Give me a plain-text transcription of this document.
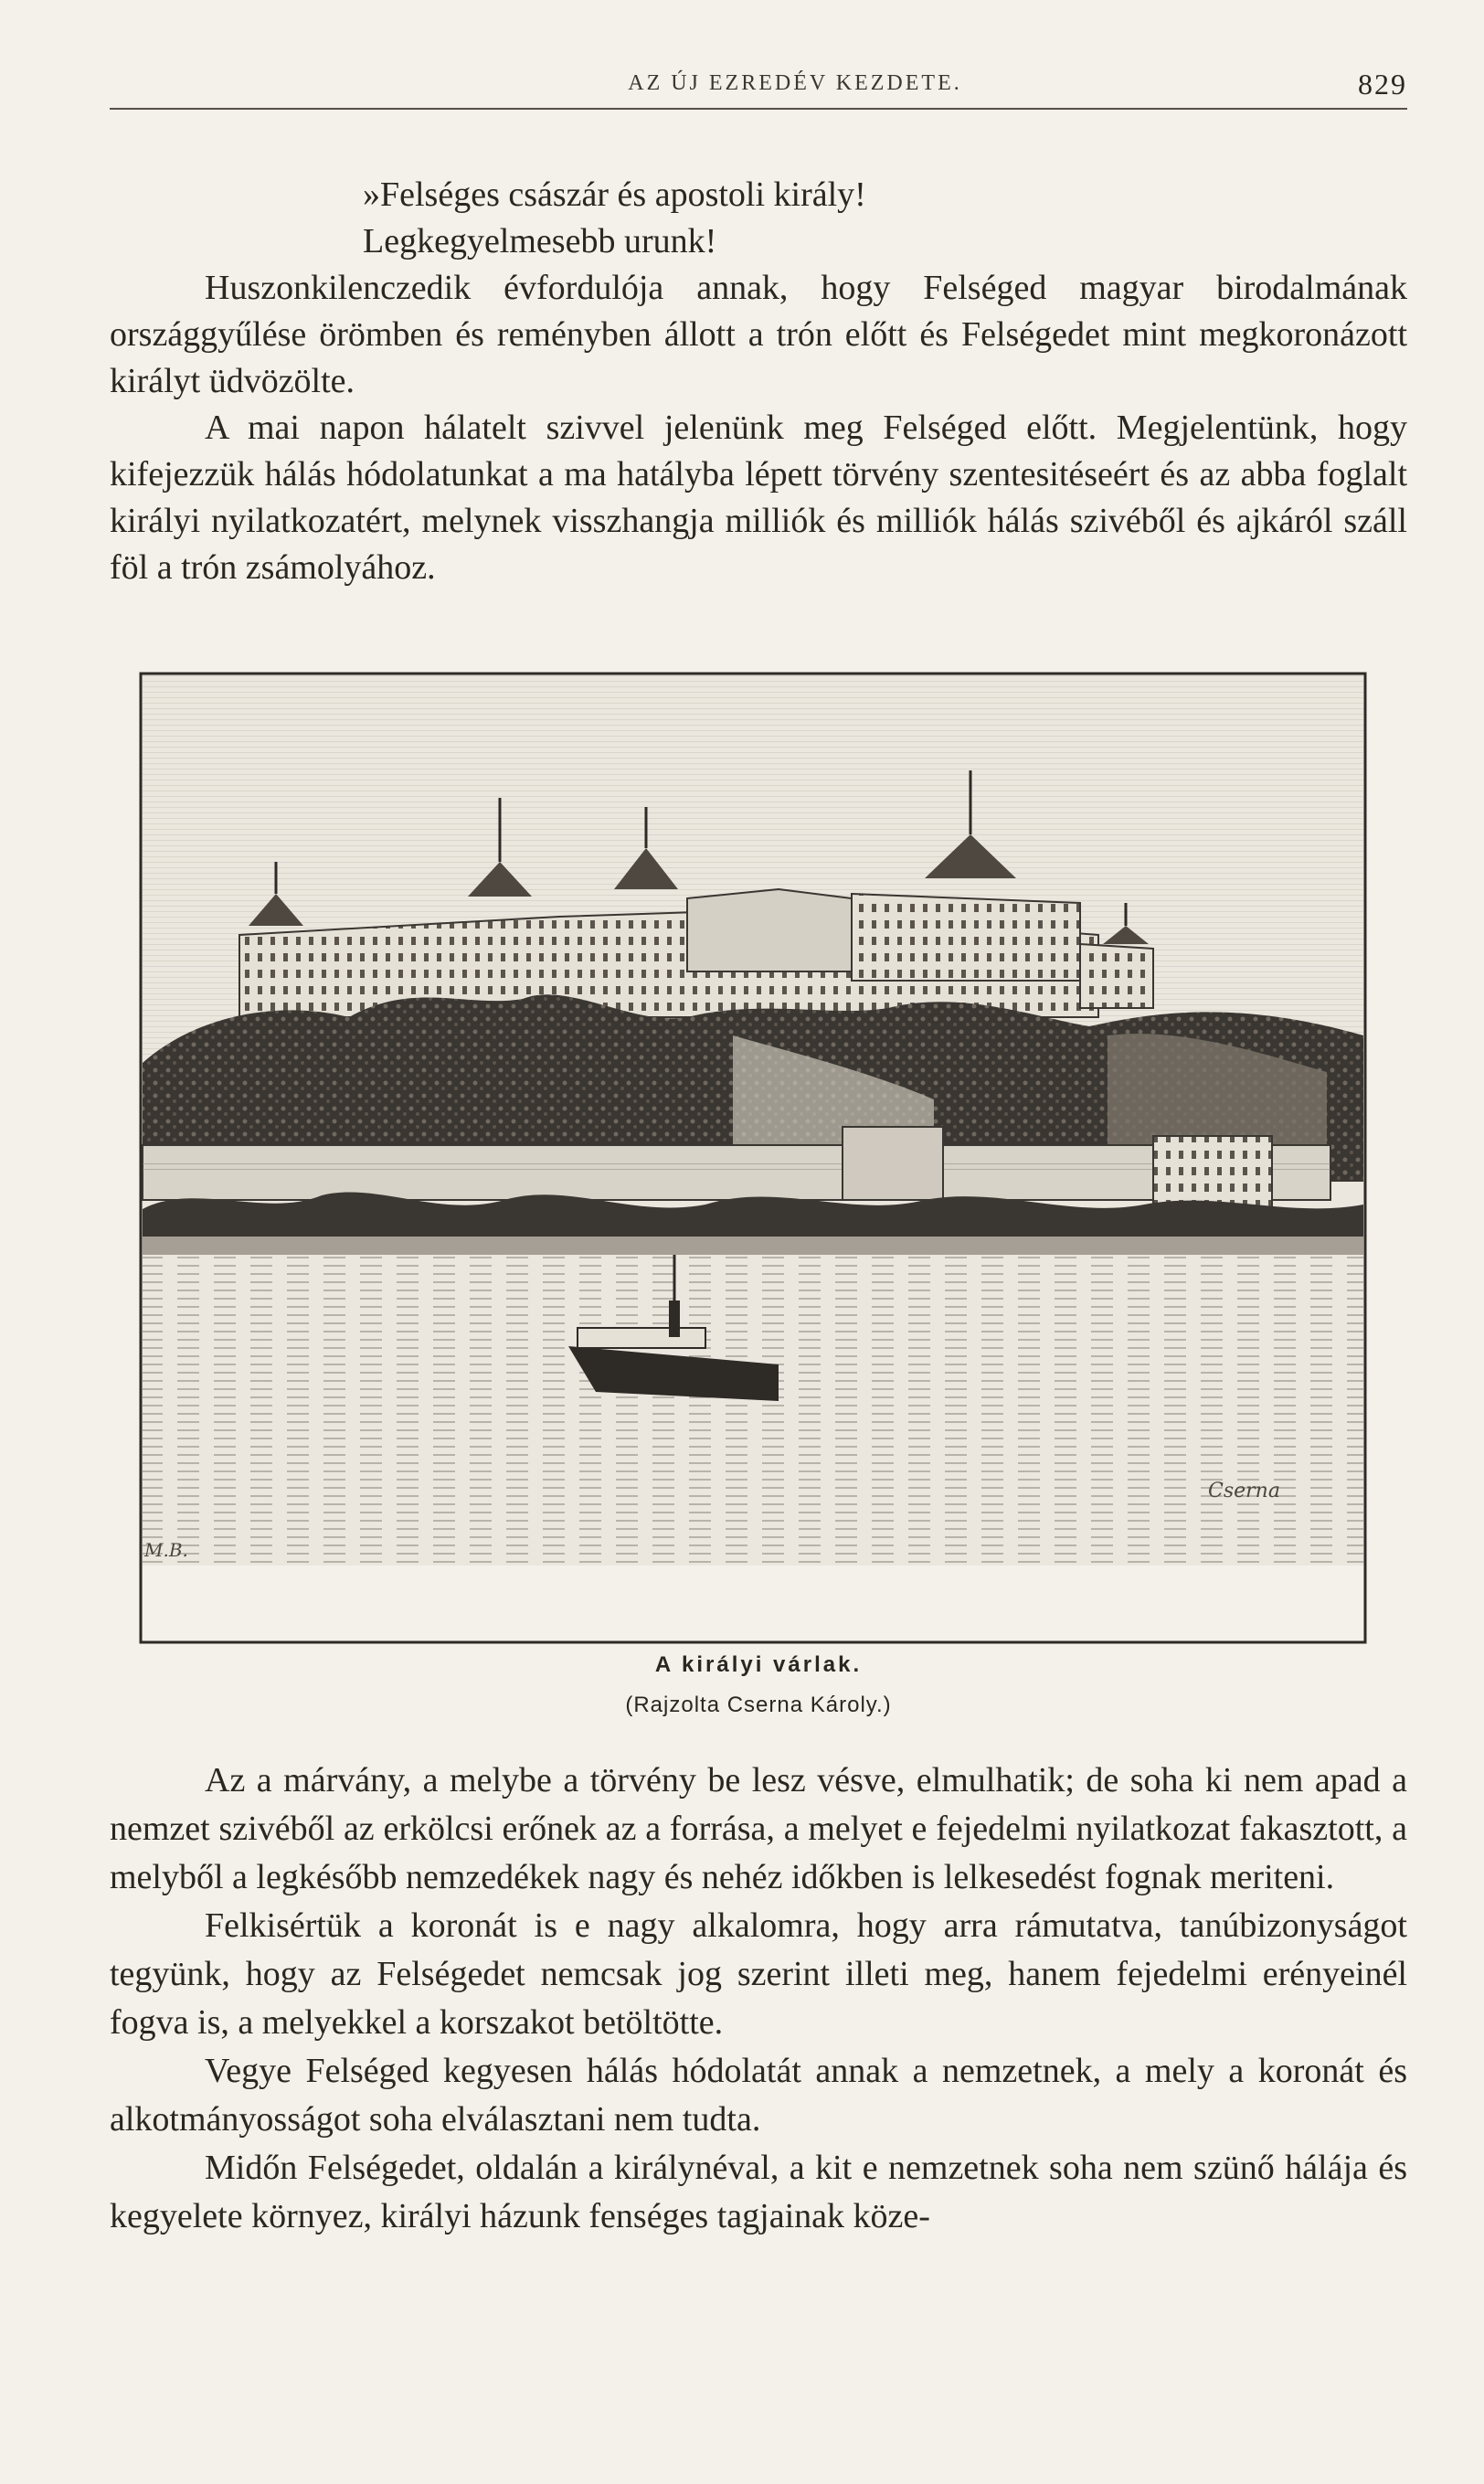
AZ ÚJ EZREDÉV KEZDETE.	829

»Felséges császár és apostoli király!

Legkegyelmesebb urunk!

Huszonkilenczedik évfordulója annak, hogy Felséged magyar birodalmának országgyűlése örömben és reményben állott a trón előtt és Felségedet mint megkoronázott királyt üdvözölte.

A mai napon hálatelt szivvel jelenünk meg Felséged előtt. Megjelentünk, hogy kifejezzük hálás hódolatunkat a ma hatályba lépett törvény szentesitéseért és az abba foglalt királyi nyilatkozatért, melynek visszhangja milliók és milliók hálás szivéből és ajkáról száll föl a trón zsámolyához.

Cserna
M.B.
A királyi várlak.
(Rajzolta Cserna Károly.)

Az a márvány, a melybe a törvény be lesz vésve, elmulhatik; de soha ki nem apad a nemzet szivéből az erkölcsi erőnek az a forrása, a melyet e fejedelmi nyilatkozat fakasztott, a melyből a legkésőbb nemzedékek nagy és nehéz időkben is lelkesedést fognak meriteni.

Felkisértük a koronát is e nagy alkalomra, hogy arra rámutatva, tanúbizonyságot tegyünk, hogy az Felségedet nemcsak jog szerint illeti meg, hanem fejedelmi erényeinél fogva is, a melyekkel a korszakot betöltötte.

Vegye Felséged kegyesen hálás hódolatát annak a nemzetnek, a mely a koronát és alkotmányosságot soha elválasztani nem tudta.

Midőn Felségedet, oldalán a királynéval, a kit e nemzetnek soha nem szünő hálája és kegyelete környez, királyi házunk fenséges tagjainak köze-
